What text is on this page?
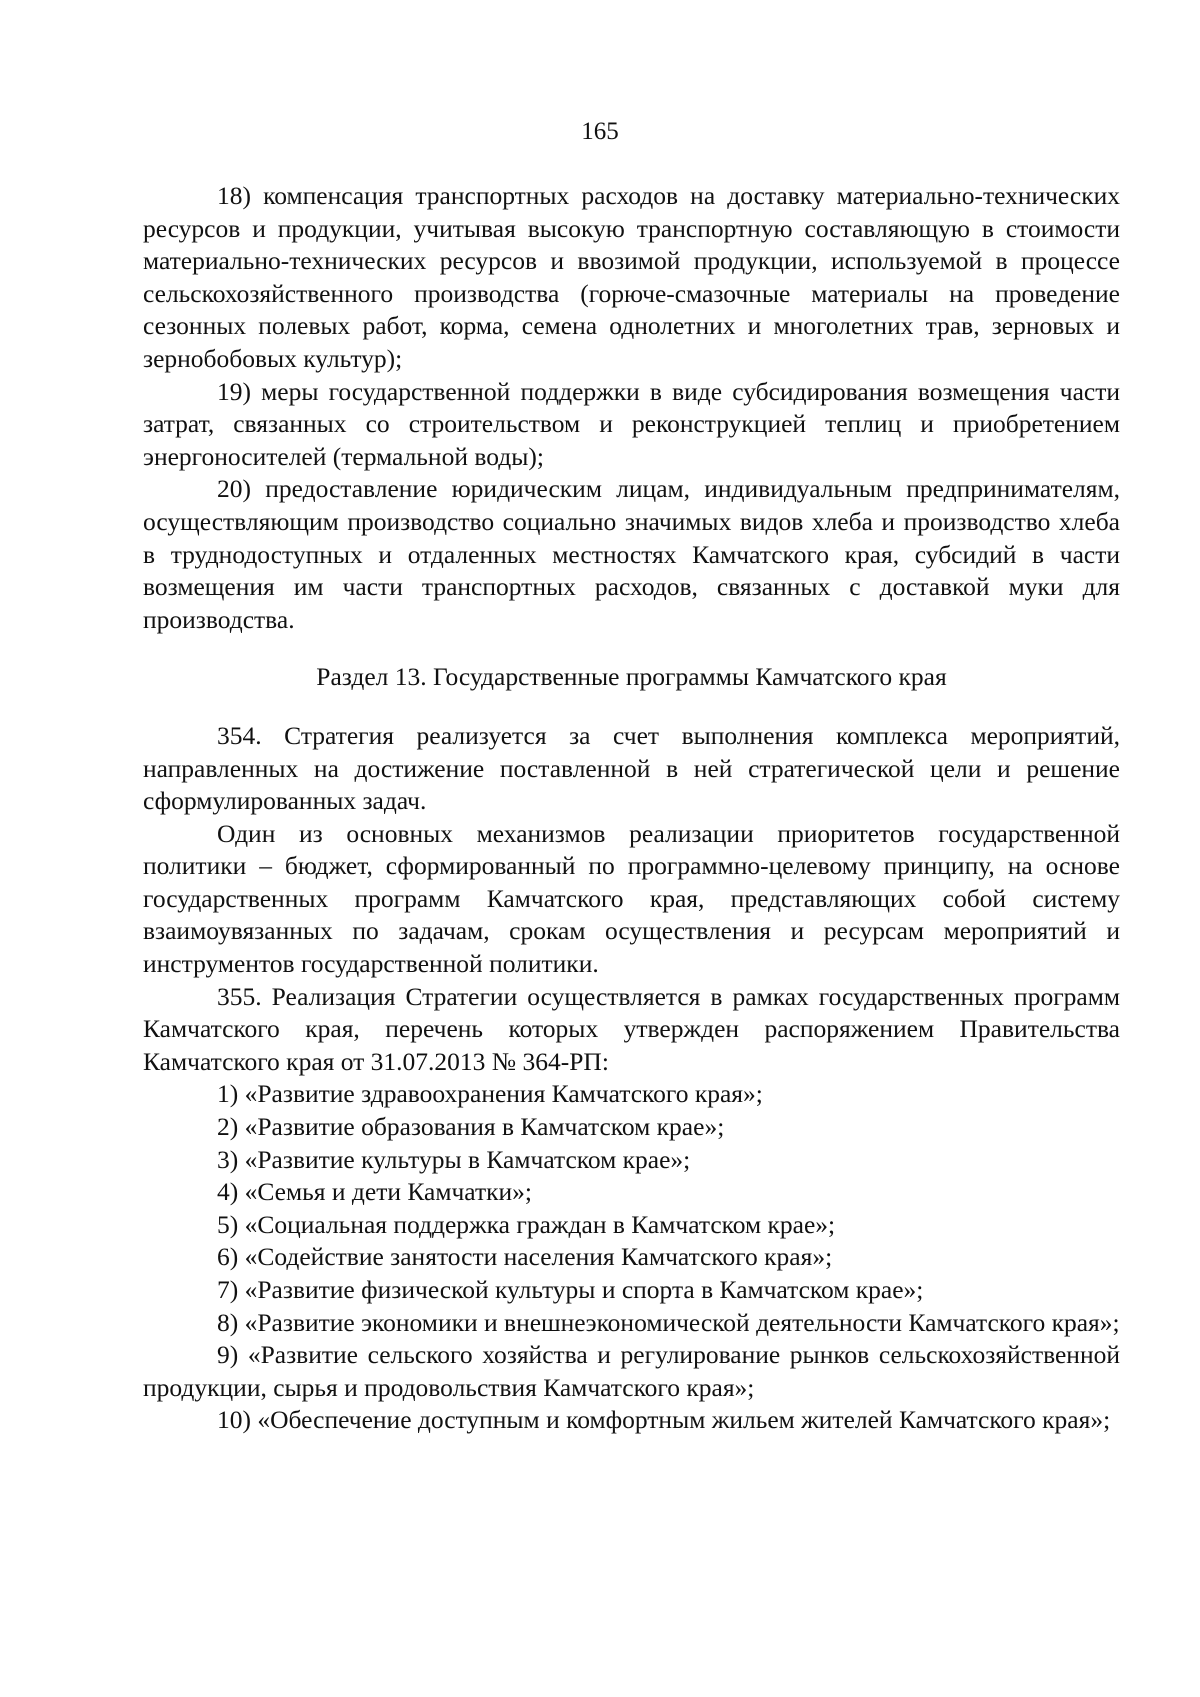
165

18) компенсация транспортных расходов на доставку материально-технических ресурсов и продукции, учитывая высокую транспортную составляющую в стоимости материально-технических ресурсов и ввозимой продукции, используемой в процессе сельскохозяйственного производства (горюче-смазочные материалы на проведение сезонных полевых работ, корма, семена однолетних и многолетних трав, зерновых и зернобобовых культур);

19) меры государственной поддержки в виде субсидирования возмещения части затрат, связанных со строительством и реконструкцией теплиц и приобретением энергоносителей (термальной воды);

20) предоставление юридическим лицам, индивидуальным предпринимателям, осуществляющим производство социально значимых видов хлеба и производство хлеба в труднодоступных и отдаленных местностях Камчатского края, субсидий в части возмещения им части транспортных расходов, связанных с доставкой муки для производства.

Раздел 13. Государственные программы Камчатского края

354. Стратегия реализуется за счет выполнения комплекса мероприятий, направленных на достижение поставленной в ней стратегической цели и решение сформулированных задач.

Один из основных механизмов реализации приоритетов государственной политики – бюджет, сформированный по программно-целевому принципу, на основе государственных программ Камчатского края, представляющих собой систему взаимоувязанных по задачам, срокам осуществления и ресурсам мероприятий и инструментов государственной политики.

355. Реализация Стратегии осуществляется в рамках государственных программ Камчатского края, перечень которых утвержден распоряжением Правительства Камчатского края от 31.07.2013 № 364-РП:

1) «Развитие здравоохранения Камчатского края»;

2) «Развитие образования в Камчатском крае»;

3) «Развитие культуры в Камчатском крае»;

4) «Семья и дети Камчатки»;

5) «Социальная поддержка граждан в Камчатском крае»;

6) «Содействие занятости населения Камчатского края»;

7) «Развитие физической культуры и спорта в Камчатском крае»;

8) «Развитие экономики и внешнеэкономической деятельности Камчатского края»;

9) «Развитие сельского хозяйства и регулирование рынков сельскохозяйственной продукции, сырья и продовольствия Камчатского края»;

10) «Обеспечение доступным и комфортным жильем жителей Камчатского края»;
